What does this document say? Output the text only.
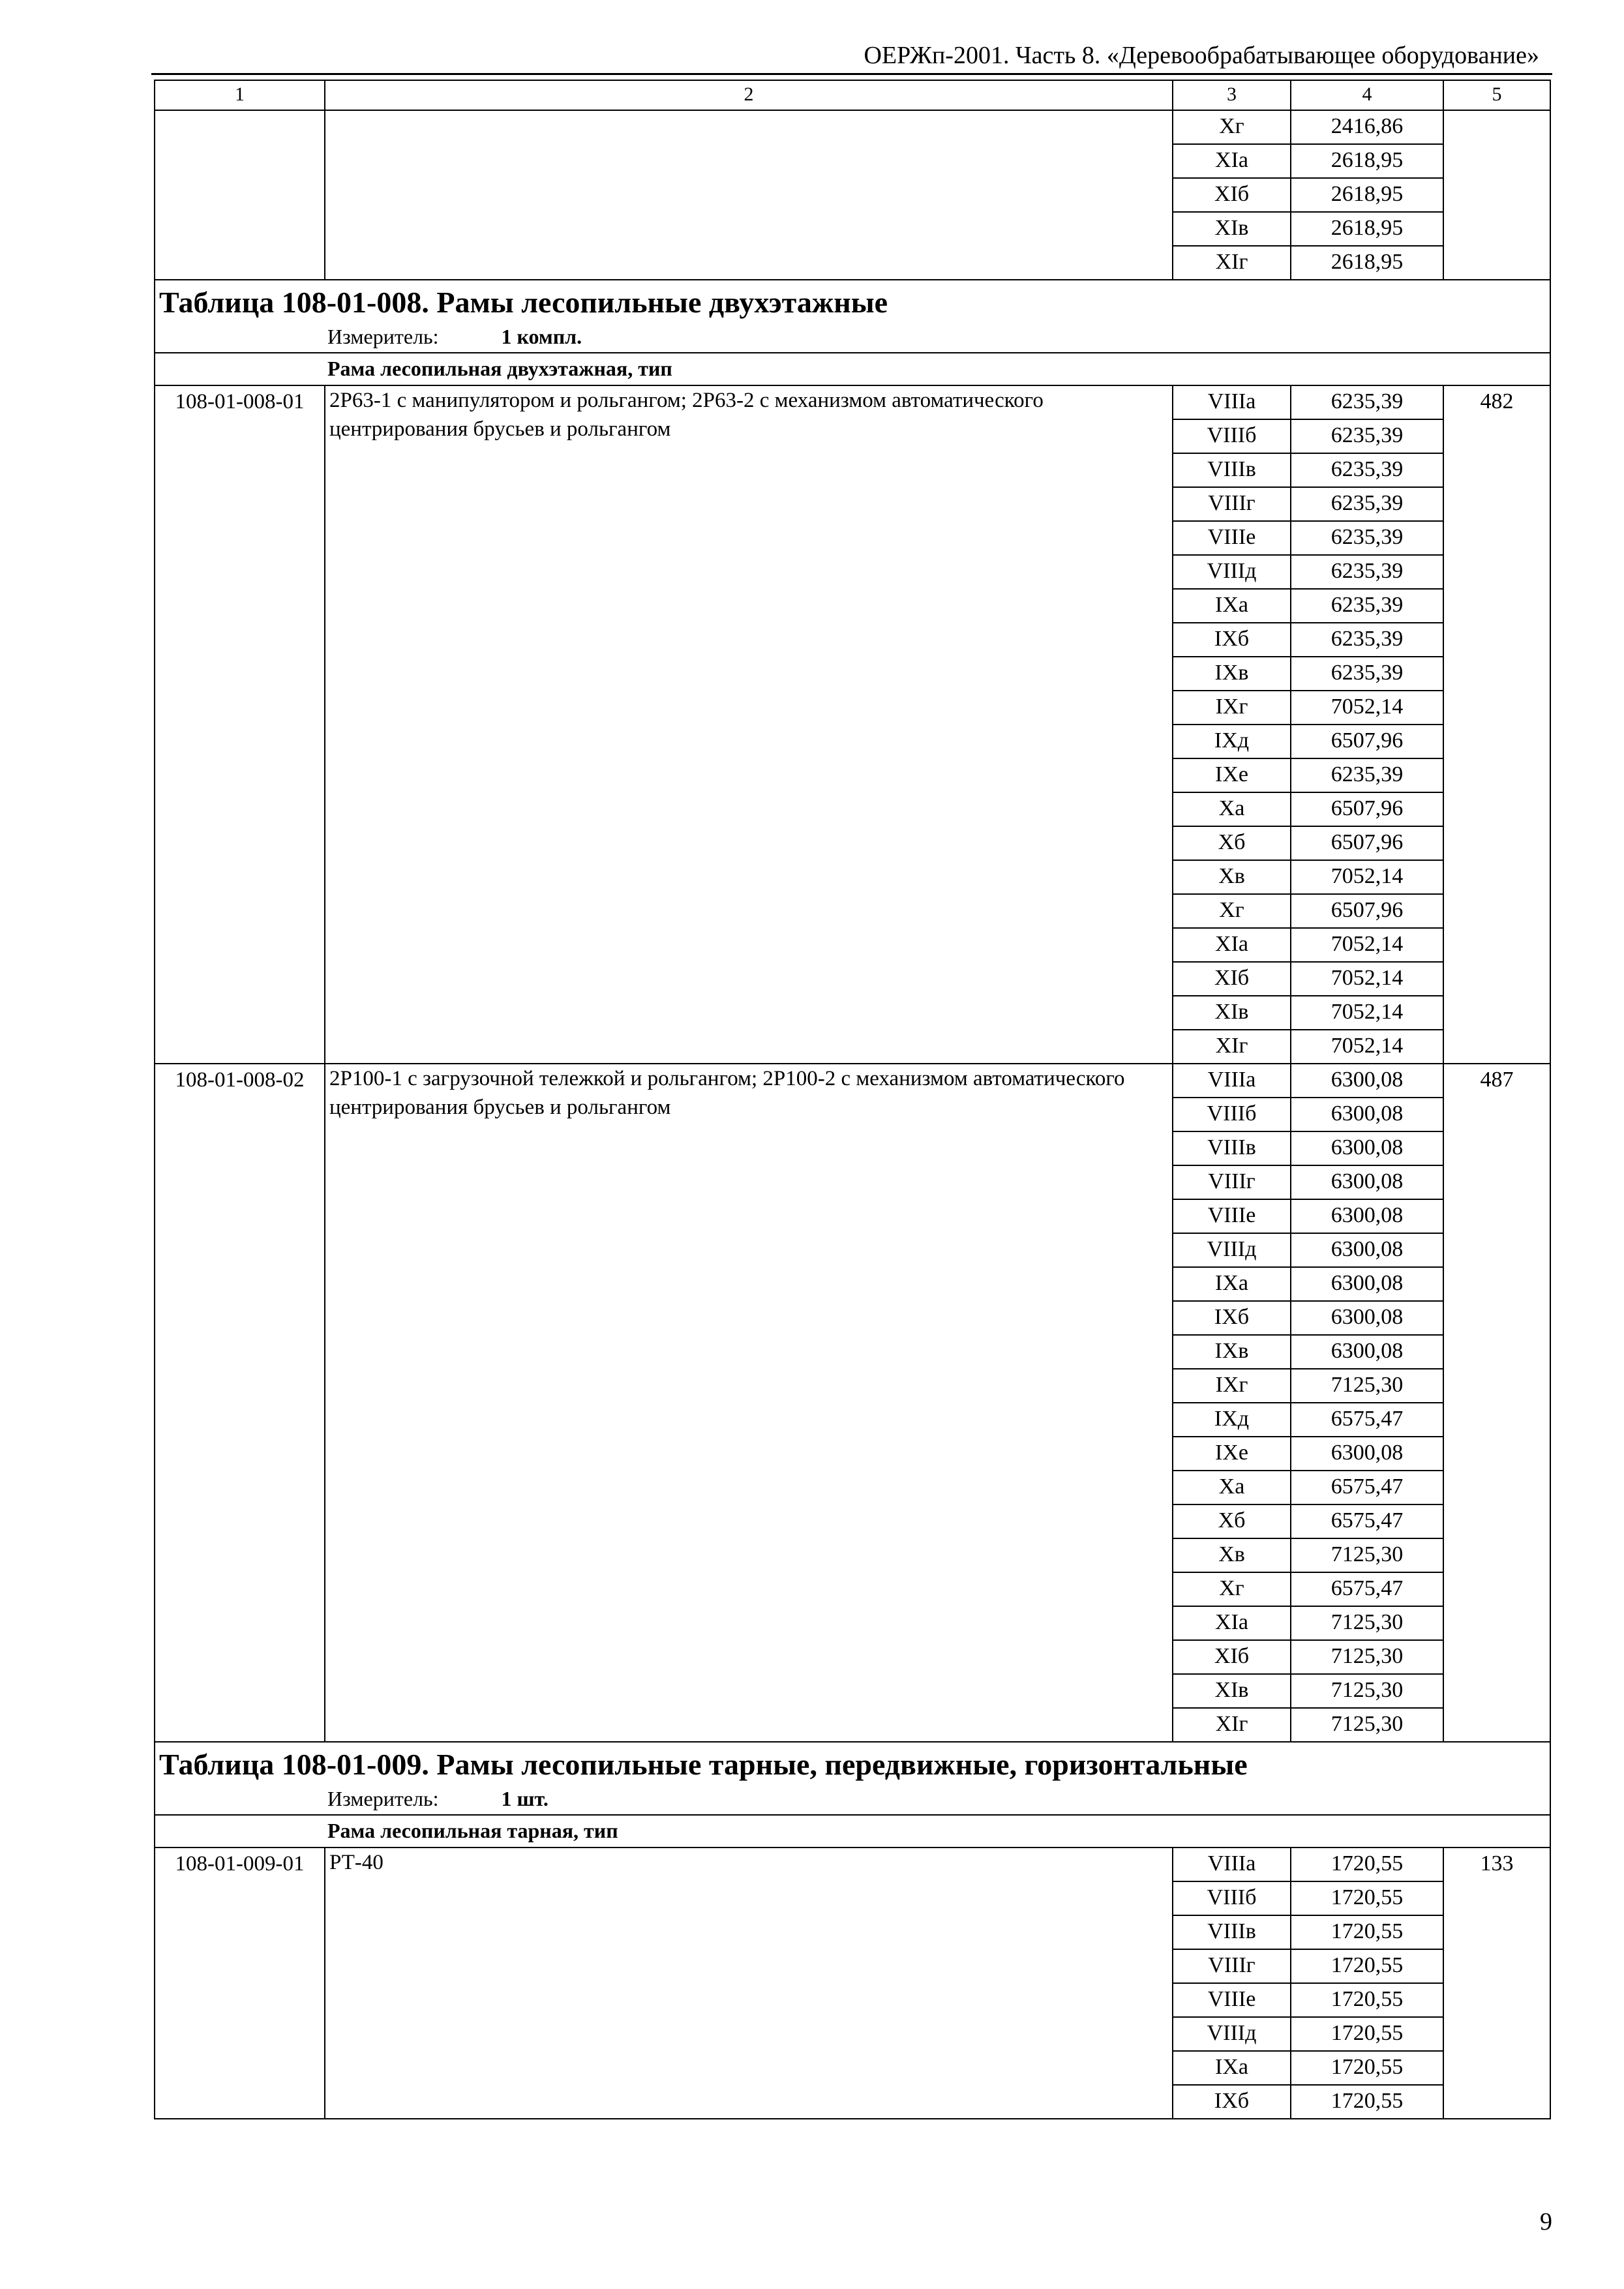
ОЕРЖп-2001. Часть 8. «Деревообрабатывающее оборудование»
1	2	3	4	5
		Xг	2416,86	
		XIа	2618,95	
		XIб	2618,95	
		XIв	2618,95	
		XIг	2618,95	
Таблица 108-01-008. Рамы лесопильные двухэтажные				
Измеритель: 1 компл.				
Рама лесопильная двухэтажная, тип				
108-01-008-01	2Р63-1 с манипулятором и рольгангом; 2Р63-2 с механизмом автоматического центрирования брусьев и рольгангом	VIIIа	6235,39	482
		VIIIб	6235,39	
		VIIIв	6235,39	
		VIIIг	6235,39	
		VIIIе	6235,39	
		VIIIд	6235,39	
		IXа	6235,39	
		IXб	6235,39	
		IXв	6235,39	
		IXг	7052,14	
		IXд	6507,96	
		IXе	6235,39	
		Xа	6507,96	
		Xб	6507,96	
		Xв	7052,14	
		Xг	6507,96	
		XIа	7052,14	
		XIб	7052,14	
		XIв	7052,14	
		XIг	7052,14	
108-01-008-02	2Р100-1 с загрузочной тележкой и рольгангом; 2Р100-2 с механизмом автоматического центрирования брусьев и рольгангом	VIIIа	6300,08	487
		VIIIб	6300,08	
		VIIIв	6300,08	
		VIIIг	6300,08	
		VIIIе	6300,08	
		VIIIд	6300,08	
		IXа	6300,08	
		IXб	6300,08	
		IXв	6300,08	
		IXг	7125,30	
		IXд	6575,47	
		IXе	6300,08	
		Xа	6575,47	
		Xб	6575,47	
		Xв	7125,30	
		Xг	6575,47	
		XIа	7125,30	
		XIб	7125,30	
		XIв	7125,30	
		XIг	7125,30	
Таблица 108-01-009. Рамы лесопильные тарные, передвижные, горизонтальные				
Измеритель: 1 шт.				
Рама лесопильная тарная, тип				
108-01-009-01	РТ-40	VIIIа	1720,55	133
		VIIIб	1720,55	
		VIIIв	1720,55	
		VIIIг	1720,55	
		VIIIе	1720,55	
		VIIIд	1720,55	
		IXа	1720,55	
		IXб	1720,55	
9
